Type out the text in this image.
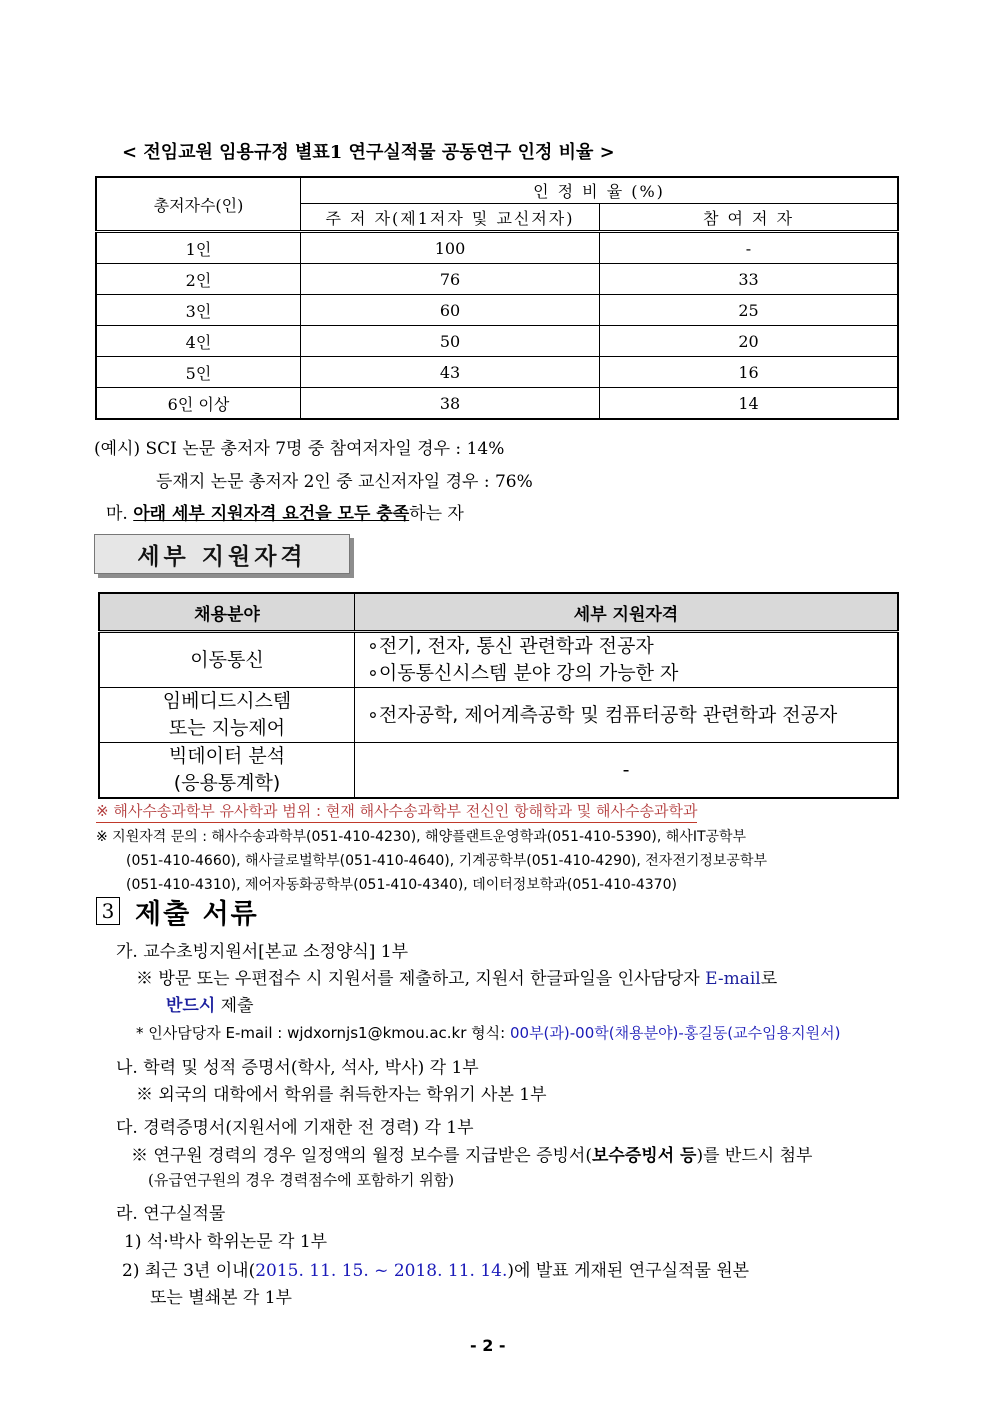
< 전임교원 임용규정 별표1 연구실적물 공동연구 인정 비율 >
총저자수(인)	인 정 비 율 (%)	
	주 저 자(제1저자 및 교신저자)	참 여 저 자
1인	100	-
2인	76	33
3인	60	25
4인	50	20
5인	43	16
6인 이상	38	14
(예시) SCI 논문 총저자 7명 중 참여저자일 경우 : 14%
등재지 논문 총저자 2인 중 교신저자일 경우 : 76%
마. 아래 세부 지원자격 요건을 모두 충족하는 자
세부 지원자격
채용분야	세부 지원자격

이동통신	∘전기, 전자, 통신 관련학과 전공자
∘이동통신시스템 분야 강의 가능한 자

임베디드시스템
또는 지능제어	∘전자공학, 제어계측공학 및 컴퓨터공학 관련학과 전공자

빅데이터 분석
(응용통계학)	-
※ 해사수송과학부 유사학과 범위 : 현재 해사수송과학부 전신인 항해학과 및 해사수송과학과
※ 지원자격 문의 : 해사수송과학부(051-410-4230), 해양플랜트운영학과(051-410-5390), 해사IT공학부
(051-410-4660), 해사글로벌학부(051-410-4640), 기계공학부(051-410-4290), 전자전기정보공학부
(051-410-4310), 제어자동화공학부(051-410-4340), 데이터정보학과(051-410-4370)
3 제출 서류
가. 교수초빙지원서[본교 소정양식] 1부
※ 방문 또는 우편접수 시 지원서를 제출하고, 지원서 한글파일을 인사담당자 E-mail로
반드시 제출
* 인사담당자 E-mail : wjdxornjs1@kmou.ac.kr 형식: 00부(과)-00학(채용분야)-홍길동(교수임용지원서)
나. 학력 및 성적 증명서(학사, 석사, 박사) 각 1부
※ 외국의 대학에서 학위를 취득한자는 학위기 사본 1부
다. 경력증명서(지원서에 기재한 전 경력) 각 1부
※ 연구원 경력의 경우 일정액의 월정 보수를 지급받은 증빙서(보수증빙서 등)를 반드시 첨부
(유급연구원의 경우 경력점수에 포함하기 위함)
라. 연구실적물
1) 석·박사 학위논문 각 1부
2) 최근 3년 이내(2015. 11. 15. ~ 2018. 11. 14.)에 발표 게재된 연구실적물 원본
또는 별쇄본 각 1부
- 2 -
